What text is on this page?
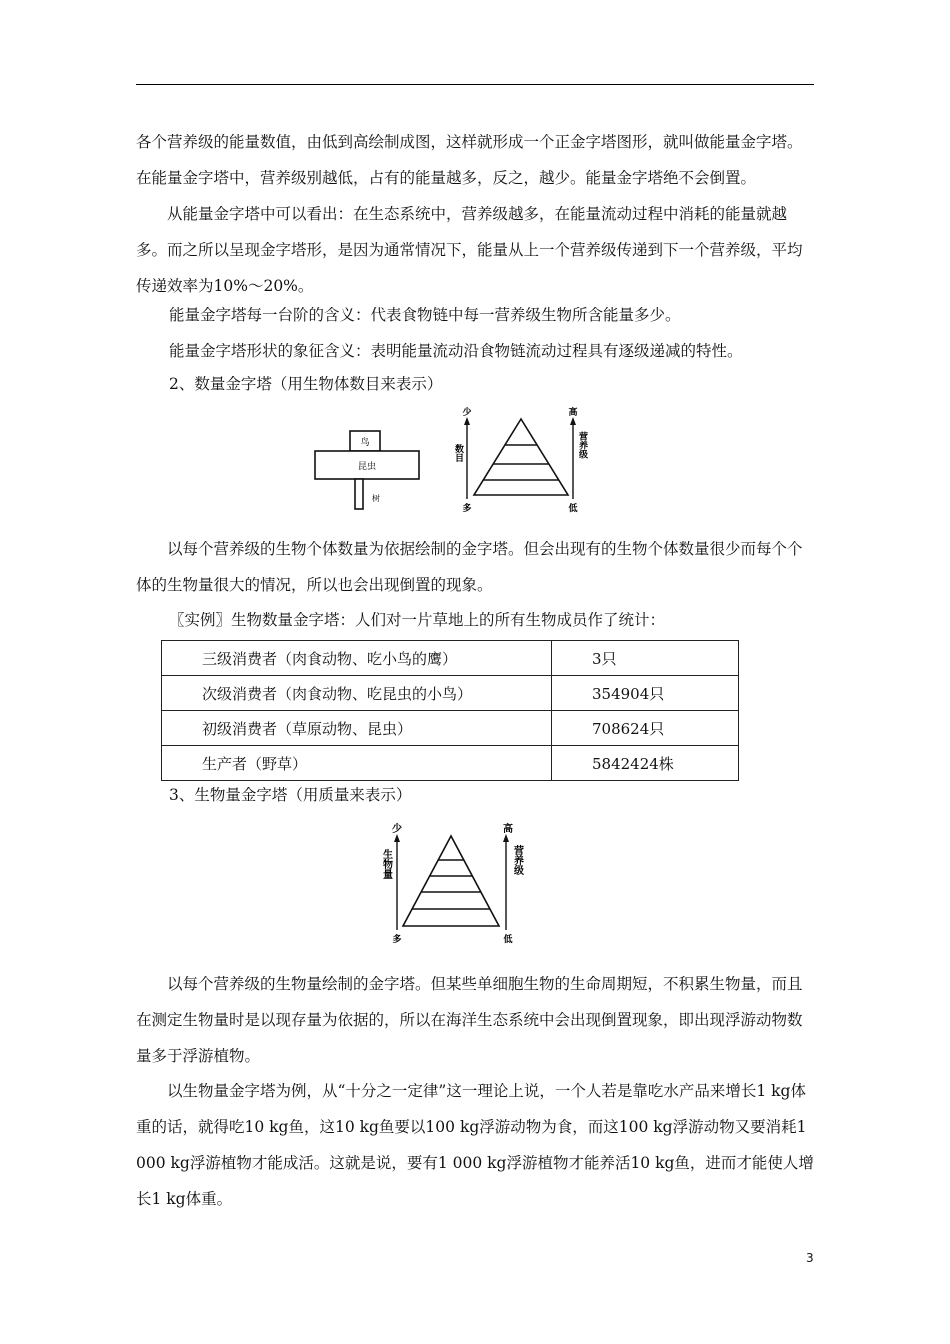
各个营养级的能量数值，由低到高绘制成图，这样就形成一个正金字塔图形，就叫做能量金字塔。在能量金字塔中，营养级别越低，占有的能量越多，反之，越少。能量金字塔绝不会倒置。

从能量金字塔中可以看出：在生态系统中，营养级越多，在能量流动过程中消耗的能量就越多。而之所以呈现金字塔形，是因为通常情况下，能量从上一个营养级传递到下一个营养级，平均传递效率为10%～20%。

能量金字塔每一台阶的含义：代表食物链中每一营养级生物所含能量多少。

能量金字塔形状的象征含义：表明能量流动沿食物链流动过程具有逐级递减的特性。

2、数量金字塔（用生物体数目来表示）

鸟
昆虫
树
少
多
数目
高
低
营养级

以每个营养级的生物个体数量为依据绘制的金字塔。但会出现有的生物个体数量很少而每个个体的生物量很大的情况，所以也会出现倒置的现象。

〖实例〗生物数量金字塔：人们对一片草地上的所有生物成员作了统计：

三级消费者（肉食动物、吃小鸟的鹰）	3只
次级消费者（肉食动物、吃昆虫的小鸟）	354904只
初级消费者（草原动物、昆虫）	708624只
生产者（野草）	5842424株

3、生物量金字塔（用质量来表示）

少
多
生物量
高
低
营养级

以每个营养级的生物量绘制的金字塔。但某些单细胞生物的生命周期短，不积累生物量，而且在测定生物量时是以现存量为依据的，所以在海洋生态系统中会出现倒置现象，即出现浮游动物数量多于浮游植物。

以生物量金字塔为例，从“十分之一定律”这一理论上说，一个人若是靠吃水产品来增长1 kg体重的话，就得吃10 kg鱼，这10 kg鱼要以100 kg浮游动物为食，而这100 kg浮游动物又要消耗1 000 kg浮游植物才能成活。这就是说，要有1 000 kg浮游植物才能养活10 kg鱼，进而才能使人增长1 kg体重。

3
